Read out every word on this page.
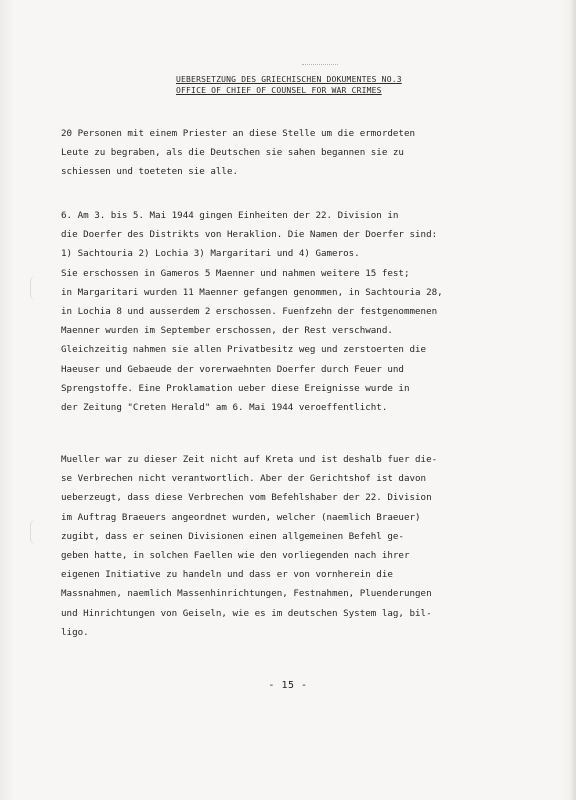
UEBERSETZUNG DES GRIECHISCHEN DOKUMENTES NO.3
OFFICE OF CHIEF OF COUNSEL FOR WAR CRIMES
20 Personen mit einem Priester an diese Stelle um die ermordeten
Leute zu begraben, als die Deutschen sie sahen begannen sie zu
schiessen und toeteten sie alle.
6. Am 3. bis 5. Mai 1944 gingen Einheiten der 22. Division in
die Doerfer des Distrikts von Heraklion. Die Namen der Doerfer sind:
1) Sachtouria 2) Lochia 3) Margaritari und 4) Gameros.
Sie erschossen in Gameros 5 Maenner und nahmen weitere 15 fest;
in Margaritari wurden 11 Maenner gefangen genommen, in Sachtouria 28,
in Lochia 8 und ausserdem 2 erschossen. Fuenfzehn der festgenommenen
Maenner wurden im September erschossen, der Rest verschwand.
Gleichzeitig nahmen sie allen Privatbesitz weg und zerstoerten die
Haeuser und Gebaeude der vorerwaehnten Doerfer durch Feuer und
Sprengstoffe. Eine Proklamation ueber diese Ereignisse wurde in
der Zeitung "Creten Herald" am 6. Mai 1944 veroeffentlicht.
Mueller war zu dieser Zeit nicht auf Kreta und ist deshalb fuer die-
se Verbrechen nicht verantwortlich. Aber der Gerichtshof ist davon
ueberzeugt, dass diese Verbrechen vom Befehlshaber der 22. Division
im Auftrag Braeuers angeordnet wurden, welcher (naemlich Braeuer)
zugibt, dass er seinen Divisionen einen allgemeinen Befehl ge-
geben hatte, in solchen Faellen wie den vorliegenden nach ihrer
eigenen Initiative zu handeln und dass er von vornherein die
Massnahmen, naemlich Massenhinrichtungen, Festnahmen, Pluenderungen
und Hinrichtungen von Geiseln, wie es im deutschen System lag, bil-
ligo.
- 15 -
